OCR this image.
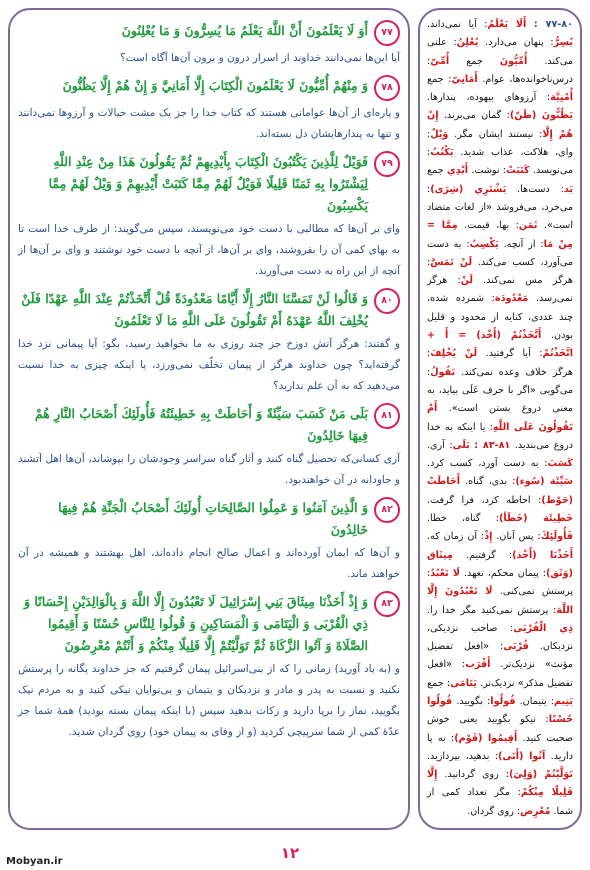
۷۷
أَوَ لَا يَعْلَمُونَ أَنَّ اللَّهَ يَعْلَمُ مَا يُسِرُّونَ وَ مَا يُعْلِنُونَ
آیا این‌ها نمی‌دانند خداوند از اسرار درون و برون آن‌ها آگاه است؟
۷۸
وَ مِنْهُمْ أُمِّيُّونَ لَا يَعْلَمُونَ الْكِتَابَ إِلَّا أَمَانِيَّ وَ إِنْ هُمْ إِلَّا يَظُنُّونَ
و پاره‌ای از آن‌ها عوامانی هستند که کتاب خدا را جز یک مشت خیالات و آرزوها نمی‌دانند و تنها به پندارهایشان دل بسته‌اند.
۷۹
فَوَيْلٌ لِلَّذِينَ يَكْتُبُونَ الْكِتَابَ بِأَيْدِيهِمْ ثُمَّ يَقُولُونَ هَذَا مِنْ عِنْدِ اللَّهِ لِيَشْتَرُوا بِهِ ثَمَنًا قَلِيلًا فَوَيْلٌ لَهُمْ مِمَّا كَتَبَتْ أَيْدِيهِمْ وَ وَيْلٌ لَهُمْ مِمَّا يَكْسِبُونَ
وای بر آن‌ها که مطالبی با دست خود می‌نویسند، سپس می‌گویند: از طرف خدا است تا به بهای کمی آن را بفروشند، وای بر آن‌ها، از آنچه با دست خود نوشتند و وای بر آن‌ها از آنچه از این راه به دست می‌آورند.
۸۰
وَ قَالُوا لَنْ تَمَسَّنَا النَّارُ إِلَّا أَيَّامًا مَعْدُودَةً قُلْ أَتَّخَذْتُمْ عِنْدَ اللَّهِ عَهْدًا فَلَنْ يُخْلِفَ اللَّهُ عَهْدَهُ أَمْ تَقُولُونَ عَلَى اللَّهِ مَا لَا تَعْلَمُونَ
و گفتند: هرگز آتش دوزخ جز چند روزی به ما نخواهید رسید، بگو: آیا پیمانی نزد خدا گرفته‌اید؟ چون خداوند هرگز از پیمان تخلّف نمی‌ورزد، یا اینکه چیزی به خدا نسبت می‌دهید که به آن علم ندارید؟
۸۱
بَلَى مَنْ كَسَبَ سَيِّئَةً وَ أَحَاطَتْ بِهِ خَطِيئَتُهُ فَأُولَئِكَ أَصْحَابُ النَّارِ هُمْ فِيهَا خَالِدُونَ
آری کسانی‌که تحصیل گناه کنند و آثار گناه سراسر وجودشان را بپوشاند، آن‌ها اهل آتشند و جاودانه در آن خواهندبود.
۸۲
وَ الَّذِينَ آمَنُوا وَ عَمِلُوا الصَّالِحَاتِ أُولَئِكَ أَصْحَابُ الْجَنَّةِ هُمْ فِيهَا خَالِدُونَ
و آن‌ها که ایمان آورده‌اند و اعمال صالح انجام داده‌اند، اهل بهشتند و همیشه در آن خواهند ماند.
۸۳
وَ إِذْ أَخَذْنَا مِيثَاقَ بَنِي إِسْرَائِيلَ لَا تَعْبُدُونَ إِلَّا اللَّهَ وَ بِالْوَالِدَيْنِ إِحْسَانًا وَ ذِي الْقُرْبَى وَ الْيَتَامَى وَ الْمَسَاكِينِ وَ قُولُوا لِلنَّاسِ حُسْنًا وَ أَقِيمُوا الصَّلَاةَ وَ آتُوا الزَّكَاةَ ثُمَّ تَوَلَّيْتُمْ إِلَّا قَلِيلًا مِنْكُمْ وَ أَنْتُمْ مُعْرِضُونَ
و (به یاد آورید) زمانی را که از بنی‌اسرائیل پیمان گرفتیم که جز خداوند یگانه را پرستش نکنید و نسبت به پدر و مادر و نزدیکان و یتیمان و بی‌نوایان نیکی کنید و به مردم نیک بگویید، نماز را برپا دارید و زکات بدهید سپس (با اینکه پیمان بسته بودید) همهٔ شما جز عدّهٔ کمی از شما سرپیچی کردید (و از وفای به پیمان خود) روی گردان شدید.
۷۷-۸۰ : أَلَا يَعْلَمُ: آیا نمی‌داند. يُسِرُّ: پنهان می‌دارد. يُعْلِنُ: علنی می‌کند. أُمِّيُّونَ جمع أُمِّيّ: درس‌ناخوانده‌ها، عوام. أَمَانِيّ: جمع أُمْنِيَّة: آرزوهای بیهوده، پندارها. يَظُنُّونَ (ظَنّ): گمان می‌برند. إِنْ هُمْ إِلَّا: نیستند ایشان مگر. وَيْلٌ: وای، هلاکت، عذاب شدید. يَكْتُبُ: می‌نویسد. كَتَبَتْ: نوشت. أَيْدِي جمع يَد: دست‌ها. يَشْتَرِي (شِرَى): می‌خرد، می‌فروشد «از لغات متضاد است». ثَمَن: بها، قیمت. مِمَّا = مِنْ مَا: از آنچه. يَكْسِبُ: به دست می‌آورد، کسب می‌کند. لَنْ تَمَسَّ: هرگز مس نمی‌کند. لَنْ: هرگز نمی‌رسد. مَعْدُودَة: شمرده شده، چند عددی، کنایه از محدود و قلیل بودن. أَتَّخَذْتُمْ (أَخْذ) = أَ + اتَّخَذْتُمْ: آیا گرفتید. لَنْ يُخْلِفَ: هرگز خلاف وعده نمی‌کند. تَقُولُ: می‌گویی «اگر با حرف عَلَی بیاید، به معنی دروغ بستن است». أَمْ تَقُولُونَ عَلَى اللَّهِ: یا اینکه به خدا دروغ می‌بندید. ۸۱-۸۳ : بَلَى: آری. كَسَبَ: به دست آورد، کسب کرد. سَيِّئَة (سُوء): بدی، گناه. أَحَاطَتْ (حَوْط): احاطه کرد، فرا گرفت. خَطِيئَة (خَطَأ): گناه، خطا. فَأُولَئِكَ: پس آنان. إِذْ: آن زمان که. أَخَذْنَا (أَخْذ): گرفتیم. مِيثَاق (وَثَق): پیمان محکم، تعهد. لَا تَعْبُدُ: پرستش نمی‌کنی. لَا تَعْبُدُونَ إِلَّا اللَّهَ: پرستش نمی‌کنید مگر خدا را. ذِي الْقُرْبَى: صاحب نزدیکی، نزدیکان. قُرْبَى: «افعل تفضیل مؤنث» نزدیک‌تر. أَقْرَب: «افعل تفضیل مذکر» نزدیک‌تر. يَتَامَى: جمع يَتِيم: یتیمان. قُولُوا: بگویید. قُولُوا حُسْنًا: نیکو بگویید یعنی خوش صحبت کنید. أَقِيمُوا (قَوْم): به پا دارید. آتُوا (أَتَى): بدهید، بپردازید. تَوَلَّيْتُمْ (وَلِيَ): روی گردانید. إِلَّا قَلِيلًا مِنْكُمْ: مگر تعداد کمی از شما. مُعْرِض: روی گردان.
۱۲
Mobyan.ir
